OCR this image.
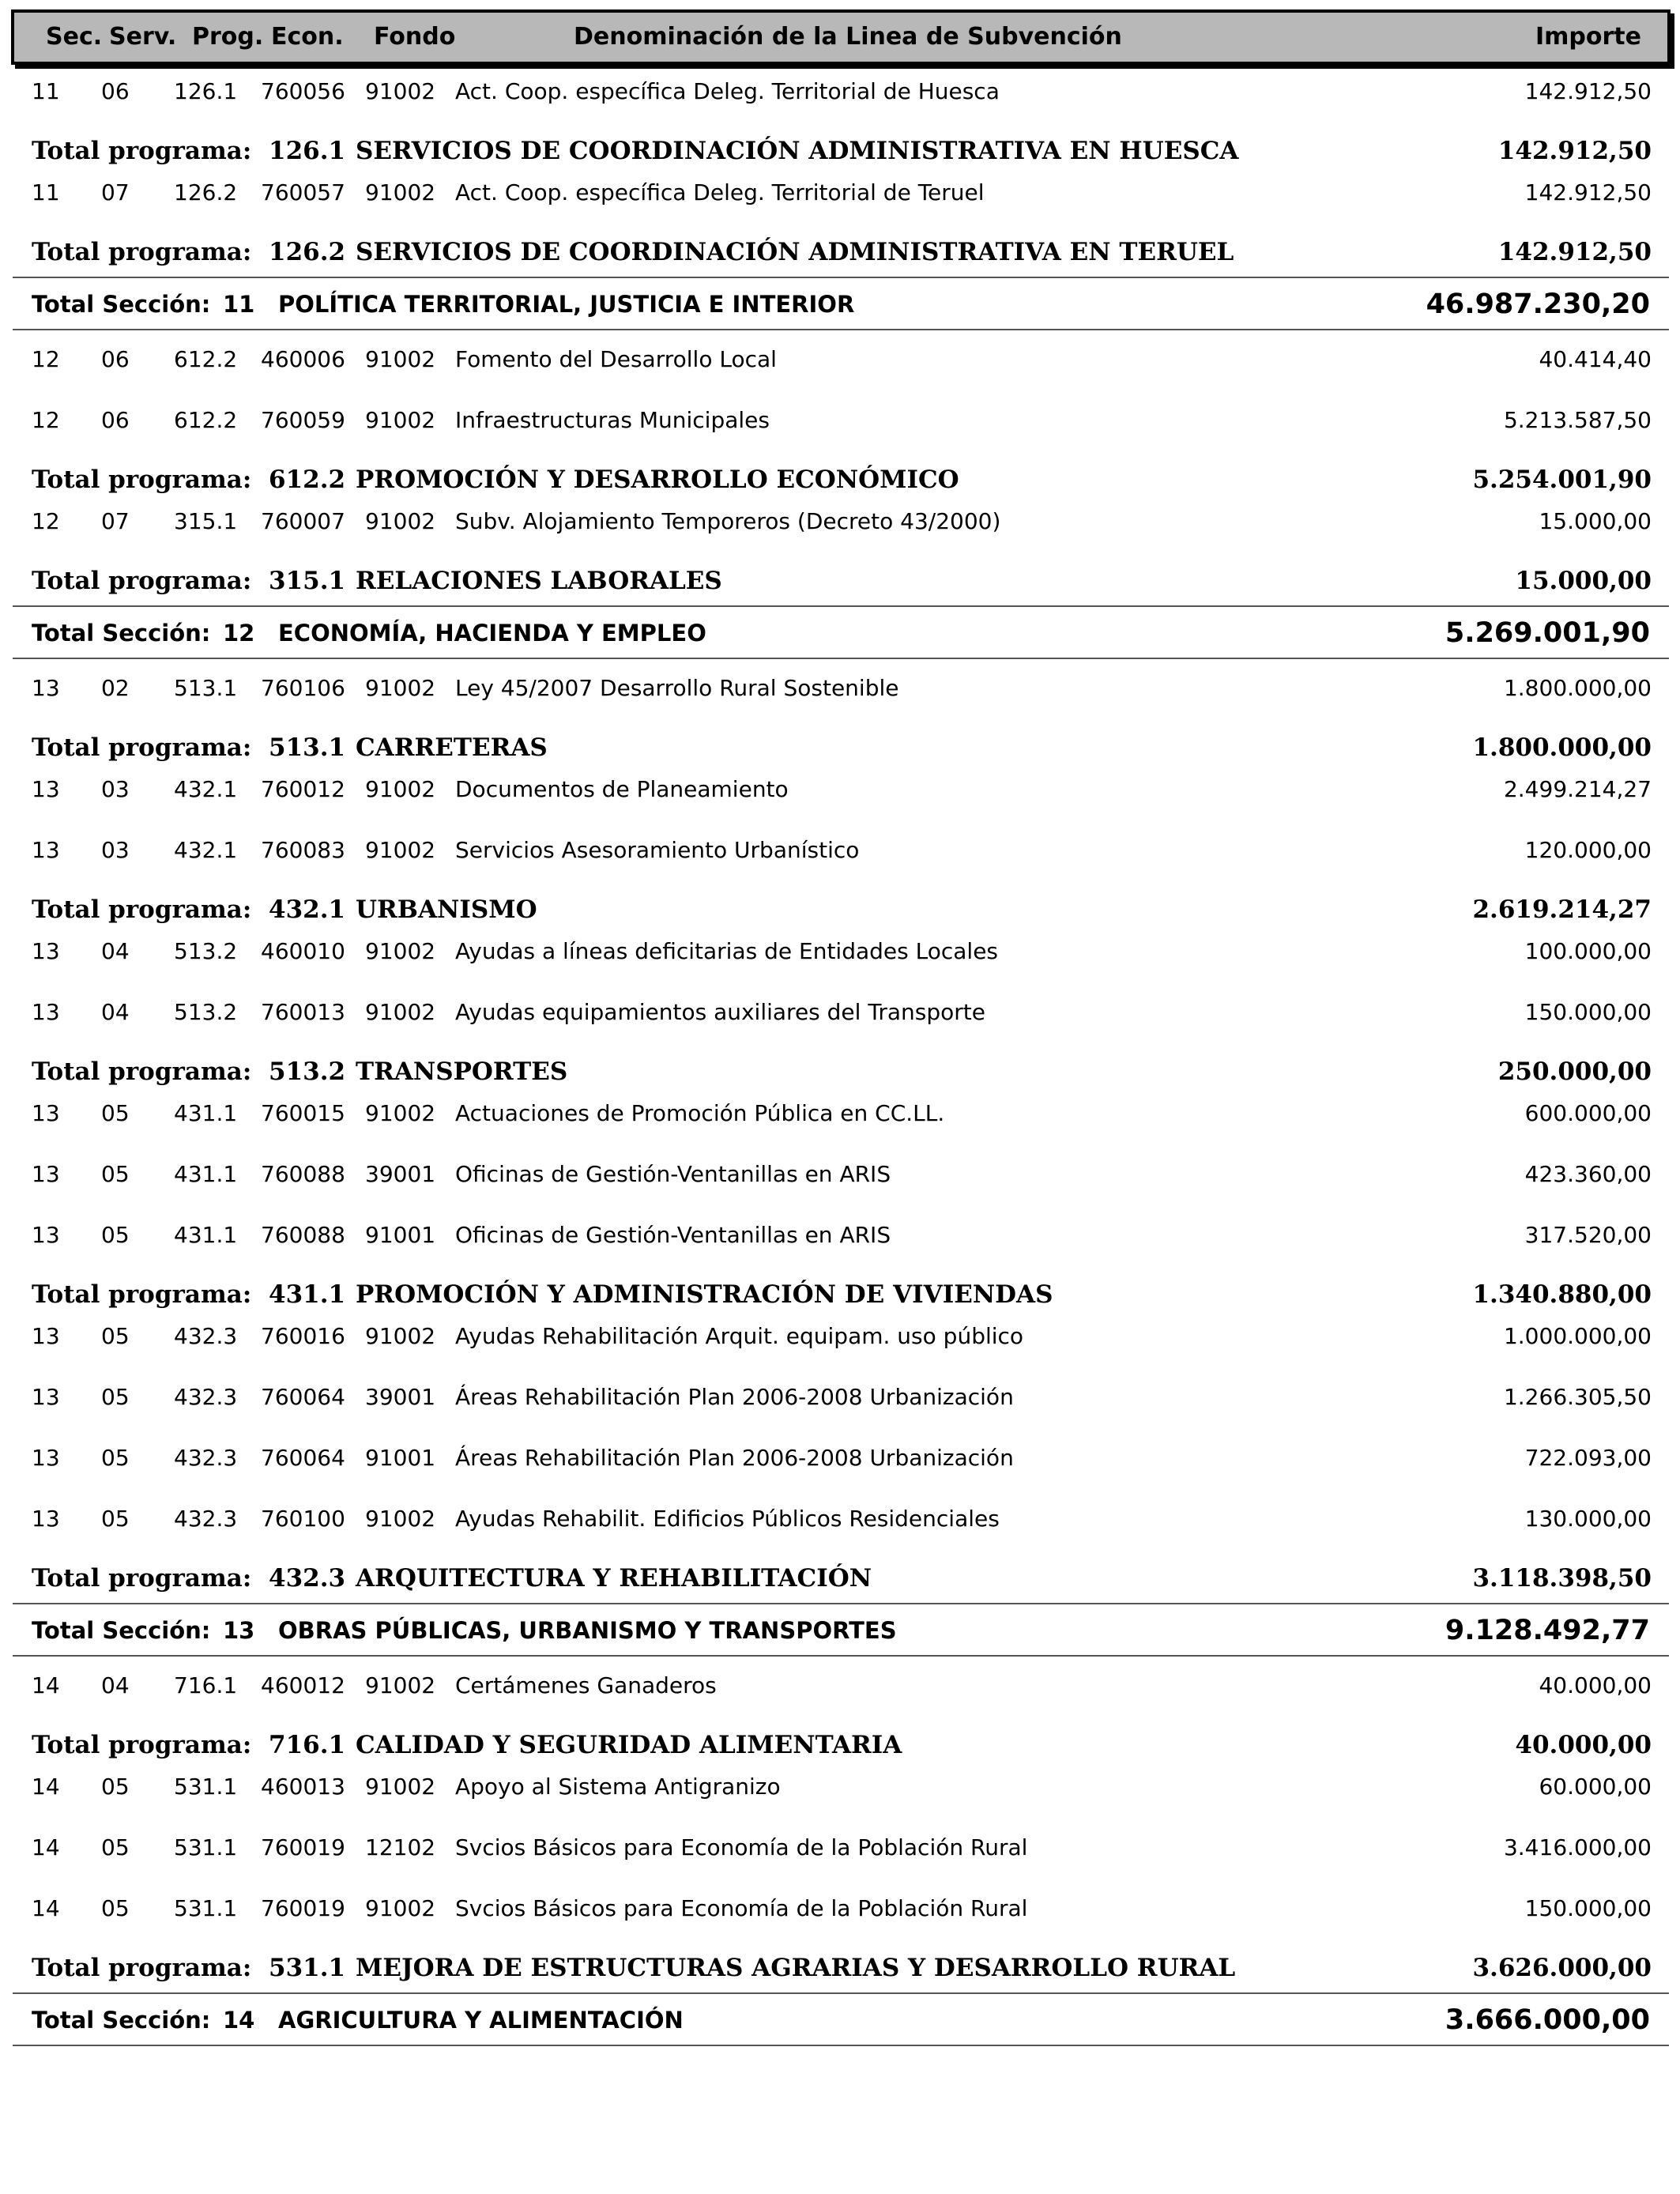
Sec. Serv. Prog. Econ. Fondo	Denominación de la Linea de Subvención	Importe
11 06 126.1 760056 91002 Act. Coop. específica Deleg. Territorial de Huesca	142.912,50
Total programa: 126.1 SERVICIOS DE COORDINACIÓN ADMINISTRATIVA EN HUESCA	142.912,50
11 07 126.2 760057 91002 Act. Coop. específica Deleg. Territorial de Teruel	142.912,50
Total programa: 126.2 SERVICIOS DE COORDINACIÓN ADMINISTRATIVA EN TERUEL	142.912,50
Total Sección: 11 POLÍTICA TERRITORIAL, JUSTICIA E INTERIOR	46.987.230,20
12 06 612.2 460006 91002 Fomento del Desarrollo Local	40.414,40
12 06 612.2 760059 91002 Infraestructuras Municipales	5.213.587,50
Total programa: 612.2 PROMOCIÓN Y DESARROLLO ECONÓMICO	5.254.001,90
12 07 315.1 760007 91002 Subv. Alojamiento Temporeros (Decreto 43/2000)	15.000,00
Total programa: 315.1 RELACIONES LABORALES	15.000,00
Total Sección: 12 ECONOMÍA, HACIENDA Y EMPLEO	5.269.001,90
13 02 513.1 760106 91002 Ley 45/2007 Desarrollo Rural Sostenible	1.800.000,00
Total programa: 513.1 CARRETERAS	1.800.000,00
13 03 432.1 760012 91002 Documentos de Planeamiento	2.499.214,27
13 03 432.1 760083 91002 Servicios Asesoramiento Urbanístico	120.000,00
Total programa: 432.1 URBANISMO	2.619.214,27
13 04 513.2 460010 91002 Ayudas a líneas deficitarias de Entidades Locales	100.000,00
13 04 513.2 760013 91002 Ayudas equipamientos auxiliares del Transporte	150.000,00
Total programa: 513.2 TRANSPORTES	250.000,00
13 05 431.1 760015 91002 Actuaciones de Promoción Pública en CC.LL.	600.000,00
13 05 431.1 760088 39001 Oficinas de Gestión-Ventanillas en ARIS	423.360,00
13 05 431.1 760088 91001 Oficinas de Gestión-Ventanillas en ARIS	317.520,00
Total programa: 431.1 PROMOCIÓN Y ADMINISTRACIÓN DE VIVIENDAS	1.340.880,00
13 05 432.3 760016 91002 Ayudas Rehabilitación Arquit. equipam. uso público	1.000.000,00
13 05 432.3 760064 39001 Áreas Rehabilitación Plan 2006-2008 Urbanización	1.266.305,50
13 05 432.3 760064 91001 Áreas Rehabilitación Plan 2006-2008 Urbanización	722.093,00
13 05 432.3 760100 91002 Ayudas Rehabilit. Edificios Públicos Residenciales	130.000,00
Total programa: 432.3 ARQUITECTURA Y REHABILITACIÓN	3.118.398,50
Total Sección: 13 OBRAS PÚBLICAS, URBANISMO Y TRANSPORTES	9.128.492,77
14 04 716.1 460012 91002 Certámenes Ganaderos	40.000,00
Total programa: 716.1 CALIDAD Y SEGURIDAD ALIMENTARIA	40.000,00
14 05 531.1 460013 91002 Apoyo al Sistema Antigranizo	60.000,00
14 05 531.1 760019 12102 Svcios Básicos para Economía de la Población Rural	3.416.000,00
14 05 531.1 760019 91002 Svcios Básicos para Economía de la Población Rural	150.000,00
Total programa: 531.1 MEJORA DE ESTRUCTURAS AGRARIAS Y DESARROLLO RURAL	3.626.000,00
Total Sección: 14 AGRICULTURA Y ALIMENTACIÓN	3.666.000,00
